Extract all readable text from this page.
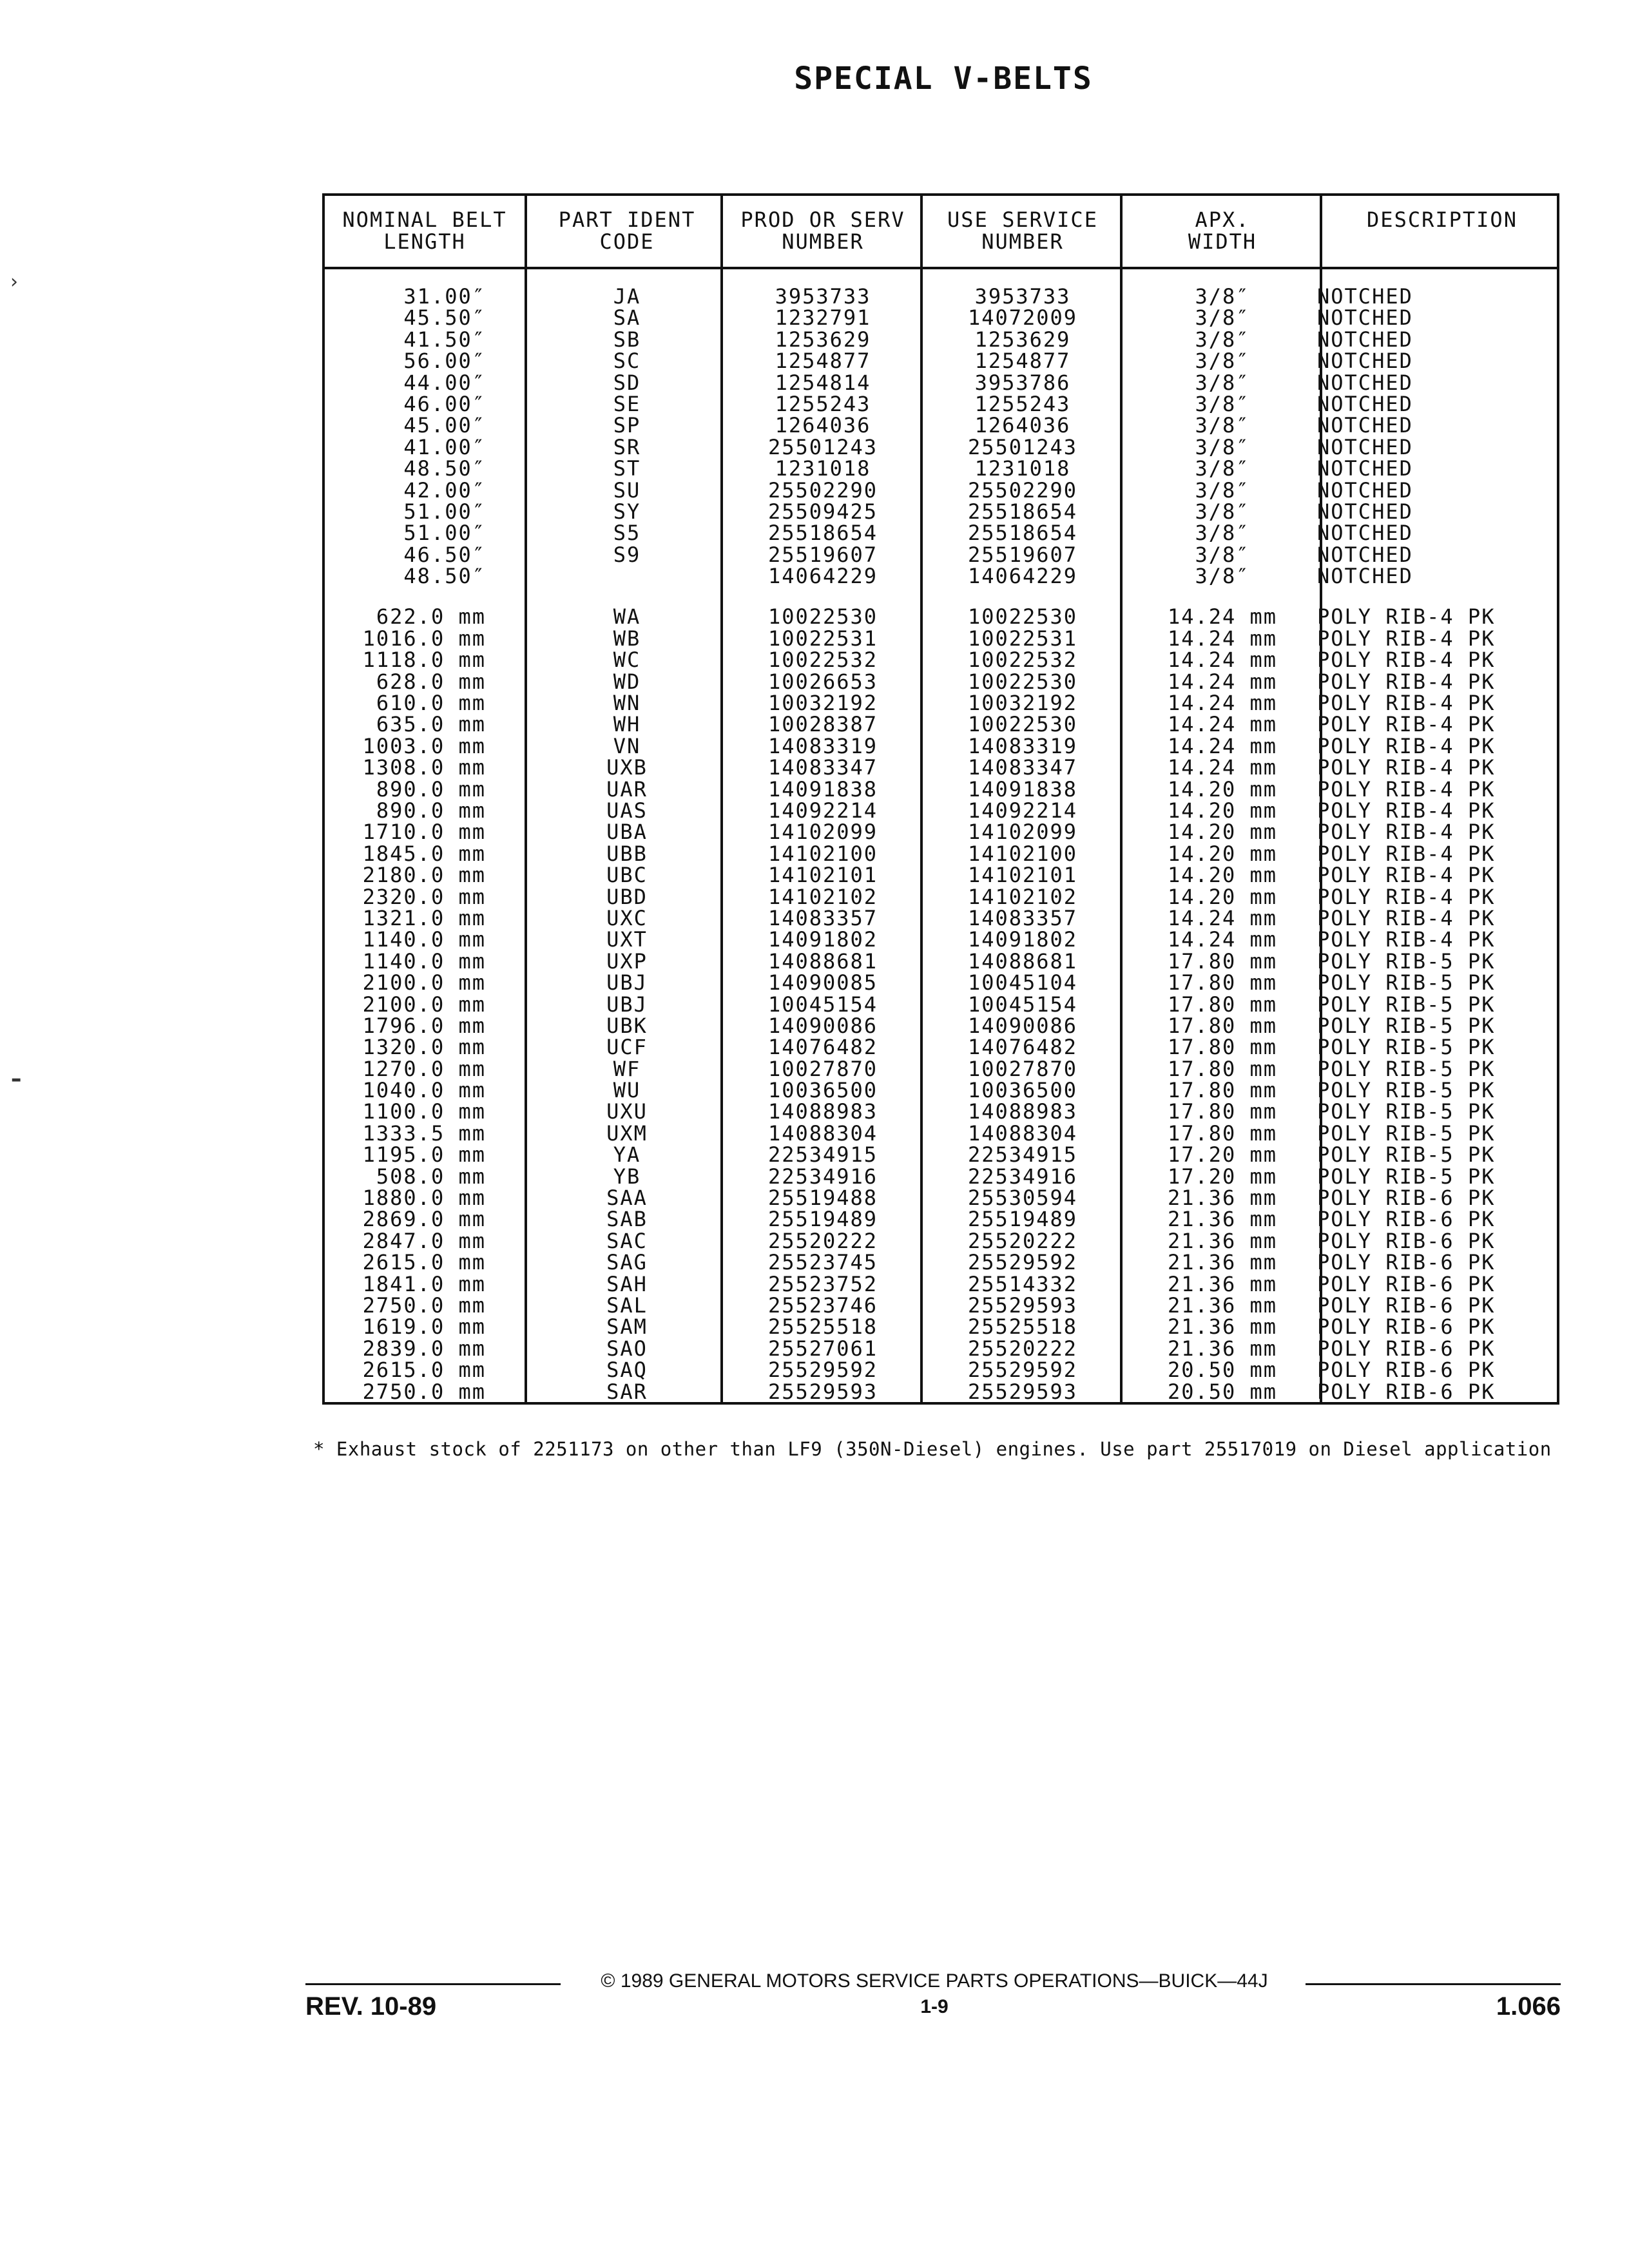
SPECIAL V-BELTS
NOMINAL BELT
LENGTH
PART IDENT
CODE
PROD OR SERV
NUMBER
USE SERVICE
NUMBER
APX.
WIDTH
DESCRIPTION
31.00″
45.50″
41.50″
56.00″
44.00″
46.00″
45.00″
41.00″
48.50″
42.00″
51.00″
51.00″
46.50″
48.50″
622.0 mm
1016.0 mm
1118.0 mm
628.0 mm
610.0 mm
635.0 mm
1003.0 mm
1308.0 mm
890.0 mm
890.0 mm
1710.0 mm
1845.0 mm
2180.0 mm
2320.0 mm
1321.0 mm
1140.0 mm
1140.0 mm
2100.0 mm
2100.0 mm
1796.0 mm
1320.0 mm
1270.0 mm
1040.0 mm
1100.0 mm
1333.5 mm
1195.0 mm
508.0 mm
1880.0 mm
2869.0 mm
2847.0 mm
2615.0 mm
1841.0 mm
2750.0 mm
1619.0 mm
2839.0 mm
2615.0 mm
2750.0 mm
JA
SA
SB
SC
SD
SE
SP
SR
ST
SU
SY
S5
S9
WA
WB
WC
WD
WN
WH
VN
UXB
UAR
UAS
UBA
UBB
UBC
UBD
UXC
UXT
UXP
UBJ
UBJ
UBK
UCF
WF
WU
UXU
UXM
YA
YB
SAA
SAB
SAC
SAG
SAH
SAL
SAM
SAO
SAQ
SAR
3953733
1232791
1253629
1254877
1254814
1255243
1264036
25501243
1231018
25502290
25509425
25518654
25519607
14064229
10022530
10022531
10022532
10026653
10032192
10028387
14083319
14083347
14091838
14092214
14102099
14102100
14102101
14102102
14083357
14091802
14088681
14090085
10045154
14090086
14076482
10027870
10036500
14088983
14088304
22534915
22534916
25519488
25519489
25520222
25523745
25523752
25523746
25525518
25527061
25529592
25529593
3953733
14072009
1253629
1254877
3953786
1255243
1264036
25501243
1231018
25502290
25518654
25518654
25519607
14064229
10022530
10022531
10022532
10022530
10032192
10022530
14083319
14083347
14091838
14092214
14102099
14102100
14102101
14102102
14083357
14091802
14088681
10045104
10045154
14090086
14076482
10027870
10036500
14088983
14088304
22534915
22534916
25530594
25519489
25520222
25529592
25514332
25529593
25525518
25520222
25529592
25529593
3/8″
3/8″
3/8″
3/8″
3/8″
3/8″
3/8″
3/8″
3/8″
3/8″
3/8″
3/8″
3/8″
3/8″
14.24 mm
14.24 mm
14.24 mm
14.24 mm
14.24 mm
14.24 mm
14.24 mm
14.24 mm
14.20 mm
14.20 mm
14.20 mm
14.20 mm
14.20 mm
14.20 mm
14.24 mm
14.24 mm
17.80 mm
17.80 mm
17.80 mm
17.80 mm
17.80 mm
17.80 mm
17.80 mm
17.80 mm
17.80 mm
17.20 mm
17.20 mm
21.36 mm
21.36 mm
21.36 mm
21.36 mm
21.36 mm
21.36 mm
21.36 mm
21.36 mm
20.50 mm
20.50 mm
NOTCHED
NOTCHED
NOTCHED
NOTCHED
NOTCHED
NOTCHED
NOTCHED
NOTCHED
NOTCHED
NOTCHED
NOTCHED
NOTCHED
NOTCHED
NOTCHED
POLY RIB-4 PK
POLY RIB-4 PK
POLY RIB-4 PK
POLY RIB-4 PK
POLY RIB-4 PK
POLY RIB-4 PK
POLY RIB-4 PK
POLY RIB-4 PK
POLY RIB-4 PK
POLY RIB-4 PK
POLY RIB-4 PK
POLY RIB-4 PK
POLY RIB-4 PK
POLY RIB-4 PK
POLY RIB-4 PK
POLY RIB-4 PK
POLY RIB-5 PK
POLY RIB-5 PK
POLY RIB-5 PK
POLY RIB-5 PK
POLY RIB-5 PK
POLY RIB-5 PK
POLY RIB-5 PK
POLY RIB-5 PK
POLY RIB-5 PK
POLY RIB-5 PK
POLY RIB-5 PK
POLY RIB-6 PK
POLY RIB-6 PK
POLY RIB-6 PK
POLY RIB-6 PK
POLY RIB-6 PK
POLY RIB-6 PK
POLY RIB-6 PK
POLY RIB-6 PK
POLY RIB-6 PK
POLY RIB-6 PK
* Exhaust stock of 2251173 on other than LF9 (350N-Diesel) engines. Use part 25517019 on Diesel application
© 1989 GENERAL MOTORS SERVICE PARTS OPERATIONS—BUICK—44J
REV. 10-89	1-9	1.066
›
⁃
